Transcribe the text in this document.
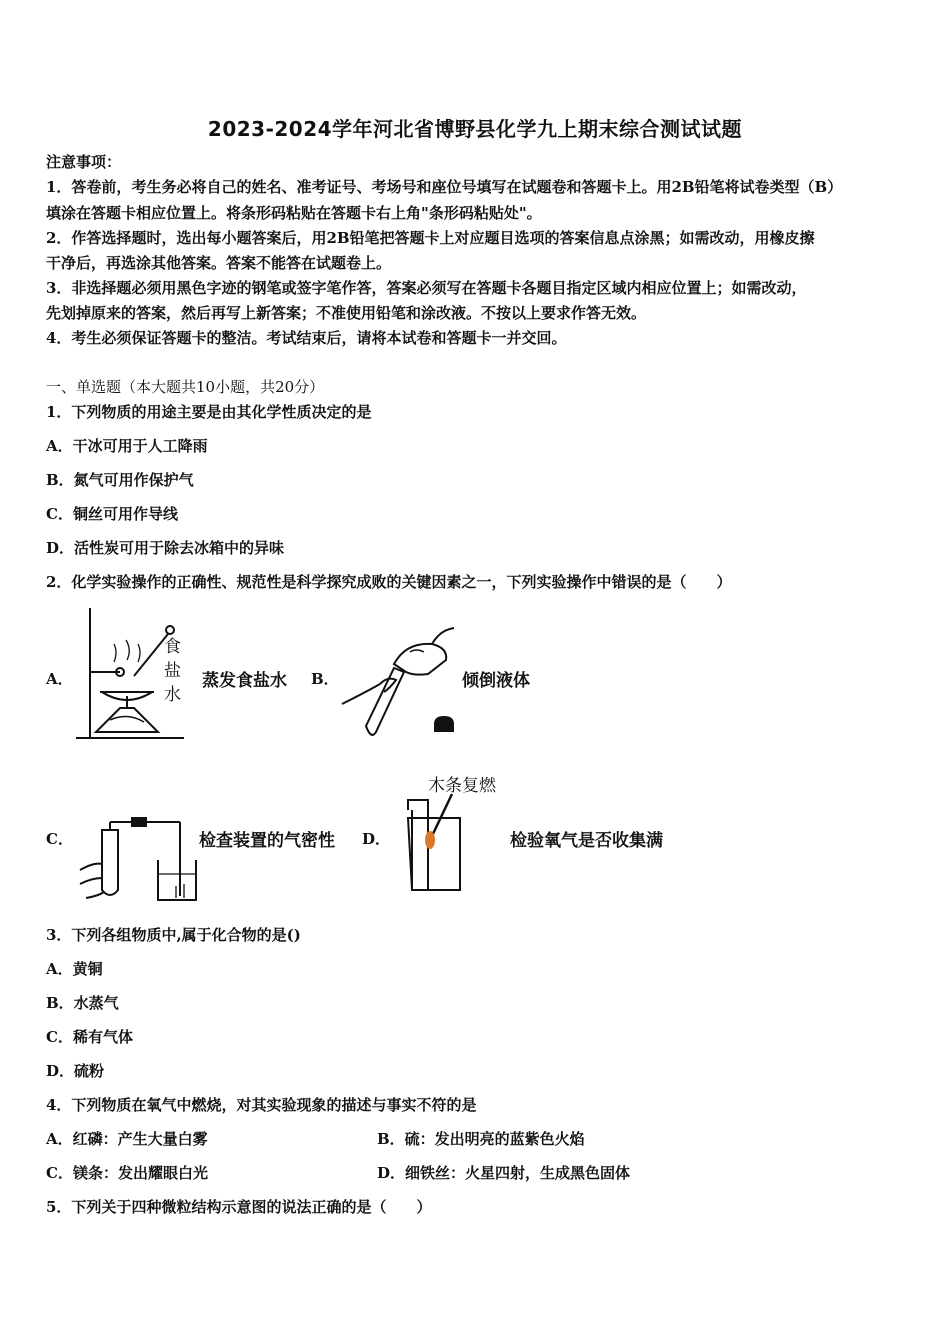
2023-2024学年河北省博野县化学九上期末综合测试试题
注意事项：
1．答卷前，考生务必将自己的姓名、准考证号、考场号和座位号填写在试题卷和答题卡上。用2B铅笔将试卷类型（B）
填涂在答题卡相应位置上。将条形码粘贴在答题卡右上角"条形码粘贴处"。
2．作答选择题时，选出每小题答案后，用2B铅笔把答题卡上对应题目选项的答案信息点涂黑；如需改动，用橡皮擦
干净后，再选涂其他答案。答案不能答在试题卷上。
3．非选择题必须用黑色字迹的钢笔或签字笔作答，答案必须写在答题卡各题目指定区域内相应位置上；如需改动，
先划掉原来的答案，然后再写上新答案；不准使用铅笔和涂改液。不按以上要求作答无效。
4．考生必须保证答题卡的整洁。考试结束后，请将本试卷和答题卡一并交回。
一、单选题（本大题共10小题，共20分）
1．下列物质的用途主要是由其化学性质决定的是
A．干冰可用于人工降雨
B．氮气可用作保护气
C．铜丝可用作导线
D．活性炭可用于除去冰箱中的异味
2．化学实验操作的正确性、规范性是科学探究成败的关键因素之一，下列实验操作中错误的是（　　）
A．
食
盐
水
蒸发食盐水 B．	倾倒液体
木条复燃
C．	检查装置的气密性 D．	检验氧气是否收集满
3．下列各组物质中,属于化合物的是()
A．黄铜
B．水蒸气
C．稀有气体
D．硫粉
4．下列物质在氧气中燃烧，对其实验现象的描述与事实不符的是
A．红磷：产生大量白雾	B．硫：发出明亮的蓝紫色火焰
C．镁条：发出耀眼白光	D．细铁丝：火星四射，生成黑色固体
5．下列关于四种微粒结构示意图的说法正确的是（　　）
